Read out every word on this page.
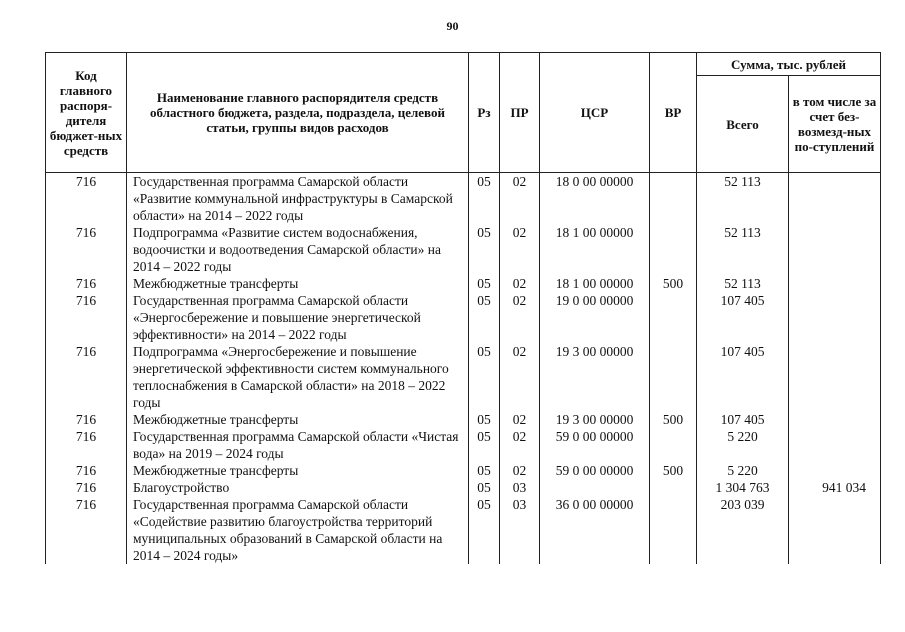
90
Код главного распоря-дителя бюджет-ных средств	Наименование главного распорядителя средств областного бюджета, раздела, подраздела, целевой статьи, группы видов расходов	Рз	ПР	ЦСР	ВР	Сумма, тыс. рублей	
						Всего	в том числе за счет без-возмезд-ных по-ступлений
716	Государственная программа Самарской области «Развитие коммунальной инфраструктуры в Самарской области» на 2014 – 2022 годы	05	02	18 0 00 00000		52 113	
716	Подпрограмма «Развитие систем водоснабжения, водоочистки и водоотведения Самарской области» на 2014 – 2022 годы	05	02	18 1 00 00000		52 113	
716	Межбюджетные трансферты	05	02	18 1 00 00000	500	52 113	
716	Государственная программа Самарской области «Энергосбережение и повышение энергетической эффективности» на 2014 – 2022 годы	05	02	19 0 00 00000		107 405	
716	Подпрограмма «Энергосбережение и повышение энергетической эффективности систем коммунального теплоснабжения в Самарской области» на 2018 – 2022 годы	05	02	19 3 00 00000		107 405	
716	Межбюджетные трансферты	05	02	19 3 00 00000	500	107 405	
716	Государственная программа Самарской области «Чистая вода» на 2019 – 2024 годы	05	02	59 0 00 00000		5 220	
716	Межбюджетные трансферты	05	02	59 0 00 00000	500	5 220	
716	Благоустройство	05	03			1 304 763	941 034
716	Государственная программа Самарской области «Содействие развитию благоустройства территорий муниципальных образований в Самарской области на 2014 – 2024 годы»	05	03	36 0 00 00000		203 039	
